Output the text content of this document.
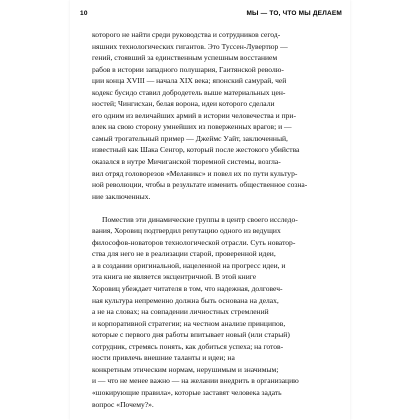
10	МЫ — ТО, ЧТО МЫ ДЕЛАЕМ
которого не найти среди руководства и сотрудников сегод-
няшних технологических гигантов. Это Туссен-Лувертюр —
гений, стоявший за единственным успешным восстанием
рабов в истории западного полушария, Гаитянской револю-
ции конца XVIII — начала XIX века; японский самурай, чей
кодекс бусидо ставил добродетель выше материальных цен-
ностей; Чингисхан, белая ворона, идеи которого сделали
его одним из величайших армий в истории человечества и при-
влек на свою сторону умнейших из поверженных врагов; и —
самый трогательный пример — Джеймс Уайт, заключенный,
известный как Шака Сенгор, который после жестокого убийства
оказался в нутре Мичиганской тюремной системы, возгла-
вил отряд головорезов «Меланикс» и повел их по пути культур-
ной революции, чтобы в результате изменить общественное созна-
ние заключенных.
Поместив эти динамические группы в центр своего исследо-
вания, Хоровиц подтвердил репутацию одного из ведущих
философов-новаторов технологической отрасли. Суть новатор-
ства для него не в реализации старой, проверенной идеи,
а в создании оригинальной, нацеленной на прогресс идеи, и
эта книга не является эксцентричной. В этой книге
Хоровиц убеждает читателя в том, что надежная, долговеч-
ная культура непременно должна быть основана на делах,
а не на словах; на совпадении личностных стремлений
и корпоративной стратегии; на честном анализе принципов,
которые с первого дня работы впитывает новый (или старый)
сотрудник, стремясь понять, как добиться успеха; на готов-
ности привлечь внешние таланты и идеи; на
конкретным этическим нормам, нерушимым и значимым;
и — что не менее важно — на желании внедрить в организацию
«шокирующие правила», которые заставят человека задать
вопрос «Почему?».
